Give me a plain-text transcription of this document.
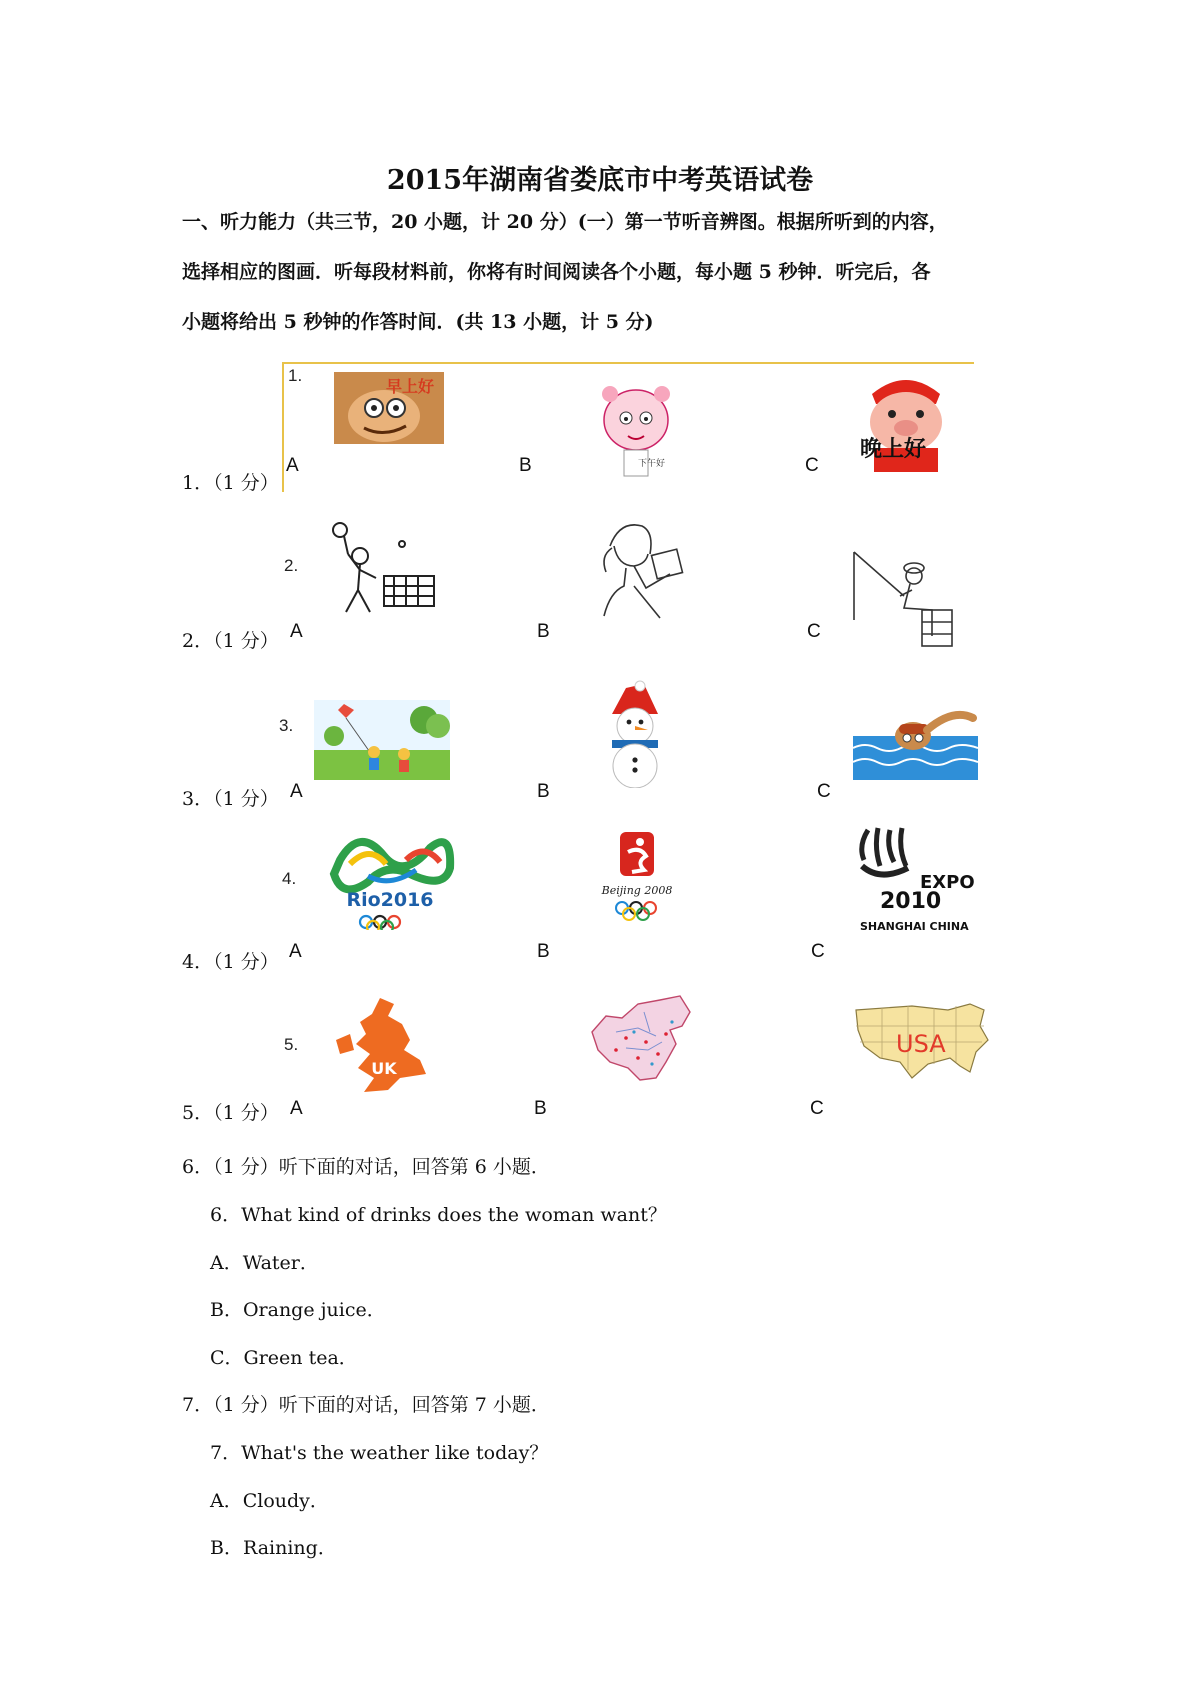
2015年湖南省娄底市中考英语试卷
一、听力能力（共三节，20 小题，计 20 分）(一）第一节听音辨图。根据所听到的内容，
选择相应的图画．听每段材料前，你将有时间阅读各个小题，每小题 5 秒钟．听完后，各
小题将给出 5 秒钟的作答时间．(共 13 小题，计 5 分)
1.
早上好
下午好
晚上好
A	B	C
1．（1 分）
2.
A	B	C
2．（1 分）
3.
A	B	C
3．（1 分）
4.
Rio2016	Beijing 2008	EXPO
2010
SHANGHAI CHINA
A	B	C
4．（1 分）
5.
UK
USA
A	B	C
5．（1 分）
6．（1 分）听下面的对话，回答第 6 小题．
6．What kind of drinks does the woman want？
A．Water．
B．Orange juice．
C．Green tea．
7．（1 分）听下面的对话，回答第 7 小题．
7．What's the weather like today？
A．Cloudy．
B．Raining．
